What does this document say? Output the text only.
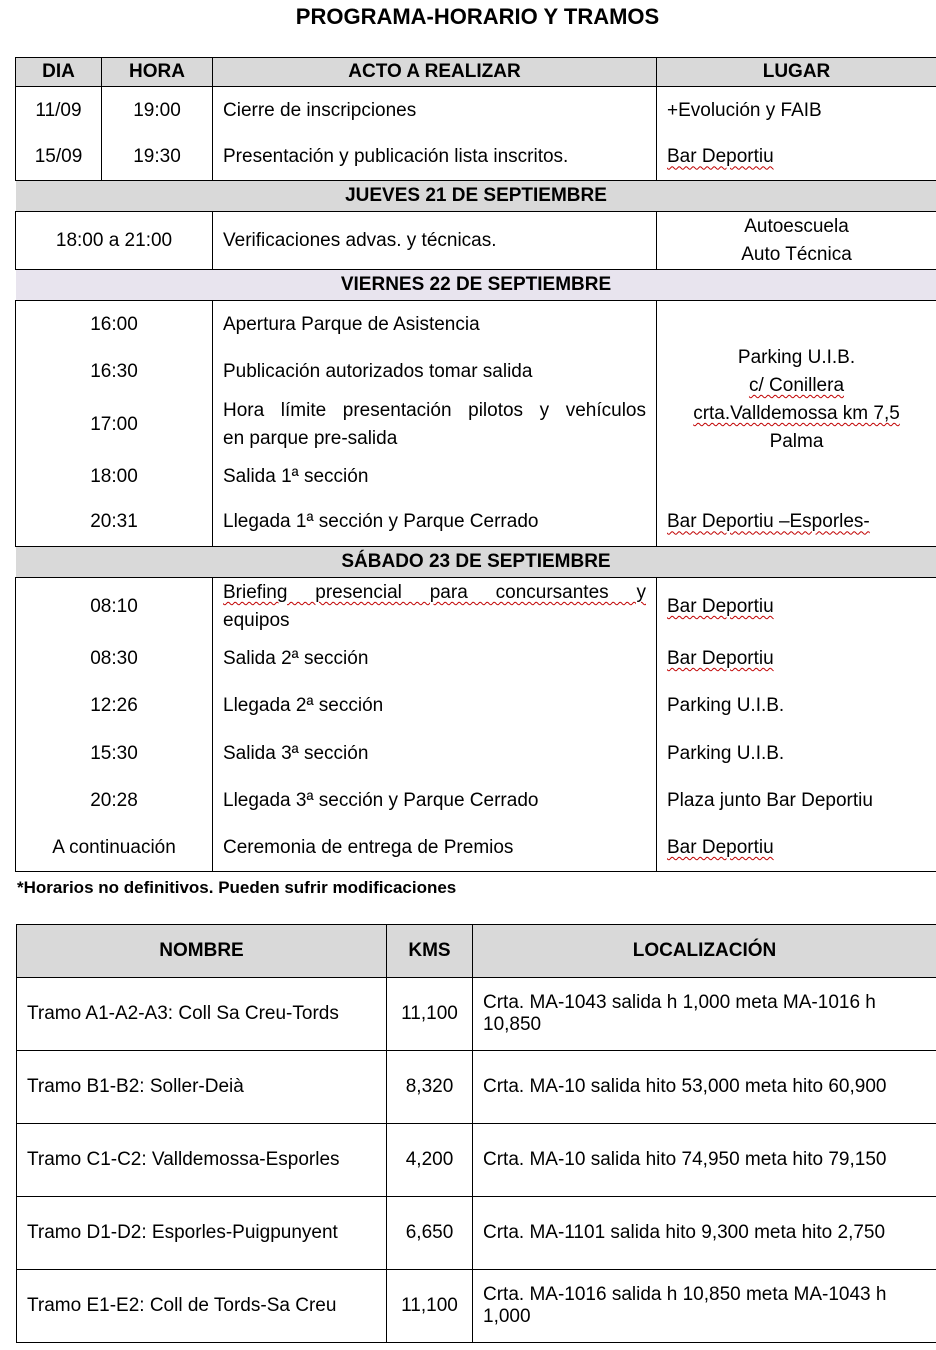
PROGRAMA-HORARIO Y TRAMOS
DIA	HORA	ACTO A REALIZAR	LUGAR
11/09	19:00	Cierre de inscripciones	+Evolución y FAIB
15/09	19:30	Presentación y publicación lista inscritos.	Bar Deportiu
JUEVES 21 DE SEPTIEMBRE			
18:00 a 21:00		Verificaciones advas. y técnicas.	Autoescuela
Auto Técnica

VIERNES 22 DE SEPTIEMBRE			
16:00		Apertura Parque de Asistencia	Parking U.I.B.
c/ Conillera
crta.Valldemossa km 7,5
Palma

16:30		Publicación autorizados tomar salida	
17:00		Hora límite presentación pilotos y vehículos
en parque pre-salida	

18:00		Salida 1ª sección	
20:31		Llegada 1ª sección y Parque Cerrado	Bar Deportiu –Esporles-
SÁBADO 23 DE SEPTIEMBRE			
08:10		Briefing presencial para concursantes y
equipos	Bar Deportiu
08:30		Salida 2ª sección	Bar Deportiu
12:26		Llegada 2ª sección	Parking U.I.B.
15:30		Salida 3ª sección	Parking U.I.B.
20:28		Llegada 3ª sección y Parque Cerrado	Plaza junto Bar Deportiu
A continuación		Ceremonia de entrega de Premios	Bar Deportiu
*Horarios no definitivos. Pueden sufrir modificaciones
NOMBRE	KMS	LOCALIZACIÓN
Tramo A1-A2-A3: Coll Sa Creu-Tords	11,100	Crta. MA-1043 salida h 1,000 meta MA-1016 h 10,850
Tramo B1-B2: Soller-Deià	8,320	Crta. MA-10 salida hito 53,000 meta hito 60,900
Tramo C1-C2: Valldemossa-Esporles	4,200	Crta. MA-10 salida hito 74,950 meta hito 79,150
Tramo D1-D2: Esporles-Puigpunyent	6,650	Crta. MA-1101 salida hito 9,300 meta hito 2,750
Tramo E1-E2: Coll de Tords-Sa Creu	11,100	Crta. MA-1016 salida h 10,850 meta MA-1043 h 1,000
